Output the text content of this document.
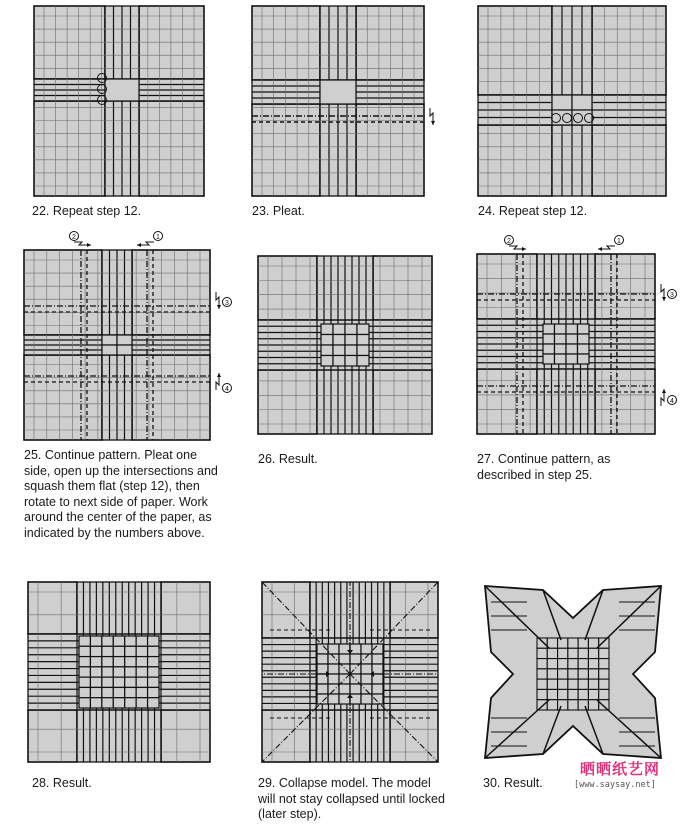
22. Repeat step 12.	23. Pleat.	24. Repeat step 12.

2	1
3
4

25. Continue pattern. Pleat one side, open up the intersections and squash them flat (step 12), then rotate to next side of paper. Work around the center of the paper, as indicated by the numbers above.

26. Result.

2	1
3
4

27. Continue pattern, as described in step 25.

28. Result.	29. Collapse model. The model will not stay collapsed until locked (later step).

30. Result.

晒晒纸艺网
[www.saysay.net]
